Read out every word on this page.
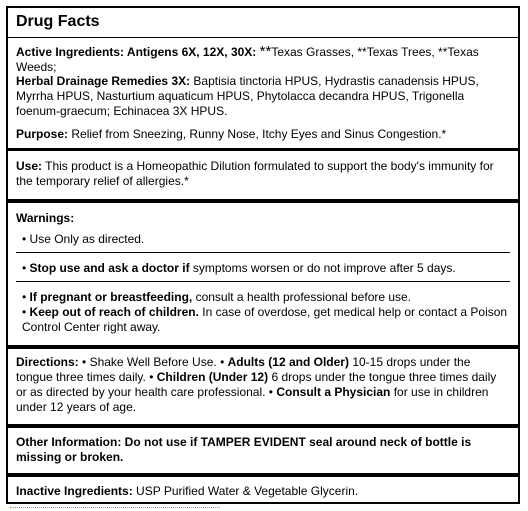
Drug Facts
Active Ingredients: Antigens 6X, 12X, 30X: **Texas Grasses, **Texas Trees, **Texas Weeds;
Herbal Drainage Remedies 3X: Baptisia tinctoria HPUS, Hydrastis canadensis HPUS, Myrrha HPUS, Nasturtium aquaticum HPUS, Phytolacca decandra HPUS, Trigonella foenum-graecum; Echinacea 3X HPUS.
Purpose: Relief from Sneezing, Runny Nose, Itchy Eyes and Sinus Congestion.*
Use: This product is a Homeopathic Dilution formulated to support the body's immunity for the temporary relief of allergies.*
Warnings:
• Use Only as directed.
• Stop use and ask a doctor if symptoms worsen or do not improve after 5 days.
• If pregnant or breastfeeding, consult a health professional before use.
• Keep out of reach of children. In case of overdose, get medical help or contact a Poison Control Center right away.
Directions: • Shake Well Before Use. • Adults (12 and Older) 10-15 drops under the tongue three times daily. • Children (Under 12) 6 drops under the tongue three times daily or as directed by your health care professional. • Consult a Physician for use in children under 12 years of age.
Other Information: Do not use if TAMPER EVIDENT seal around neck of bottle is missing or broken.
Inactive Ingredients: USP Purified Water & Vegetable Glycerin.
